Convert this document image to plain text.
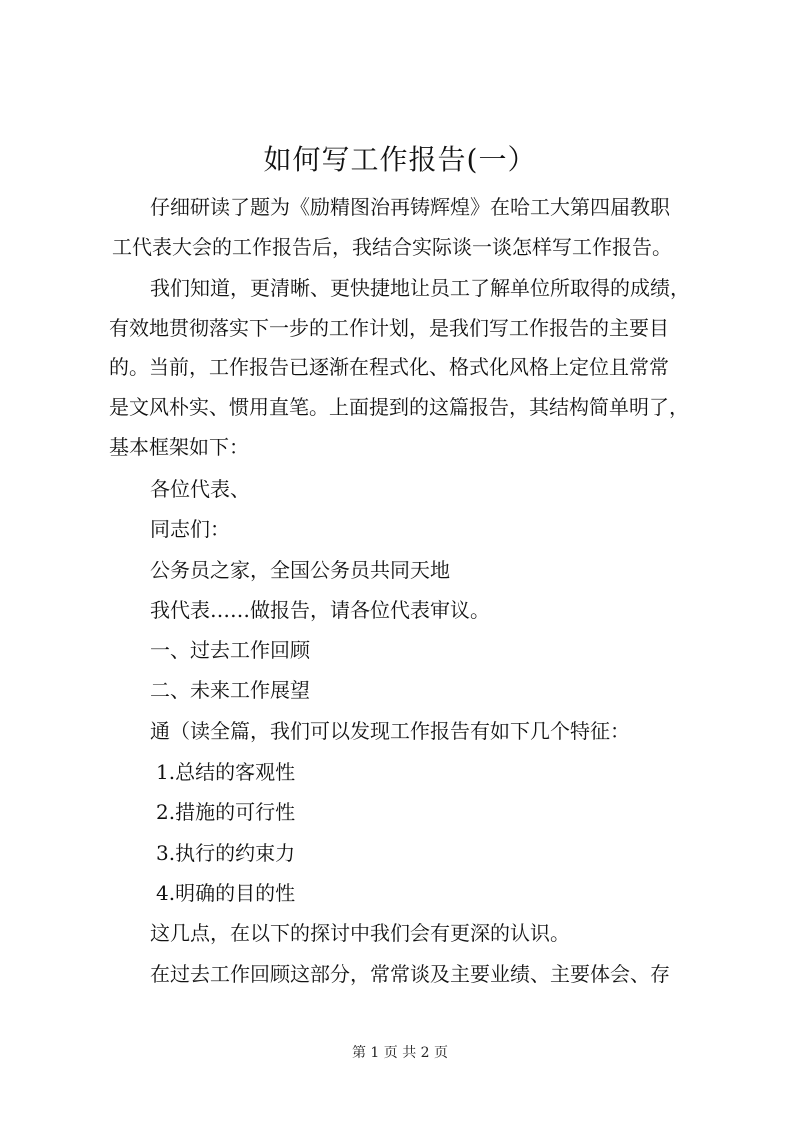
如何写工作报告(一）
仔细研读了题为《励精图治再铸辉煌》在哈工大第四届教职
工代表大会的工作报告后，我结合实际谈一谈怎样写工作报告。
我们知道，更清晰、更快捷地让员工了解单位所取得的成绩，
有效地贯彻落实下一步的工作计划，是我们写工作报告的主要目
的。当前，工作报告已逐渐在程式化、格式化风格上定位且常常
是文风朴实、惯用直笔。上面提到的这篇报告，其结构简单明了，
基本框架如下：
各位代表、
同志们：
公务员之家，全国公务员共同天地
我代表……做报告，请各位代表审议。
一、过去工作回顾
二、未来工作展望
通（读全篇，我们可以发现工作报告有如下几个特征：
1.总结的客观性
2.措施的可行性
3.执行的约束力
4.明确的目的性
这几点，在以下的探讨中我们会有更深的认识。
在过去工作回顾这部分，常常谈及主要业绩、主要体会、存
第 1 页 共 2 页
